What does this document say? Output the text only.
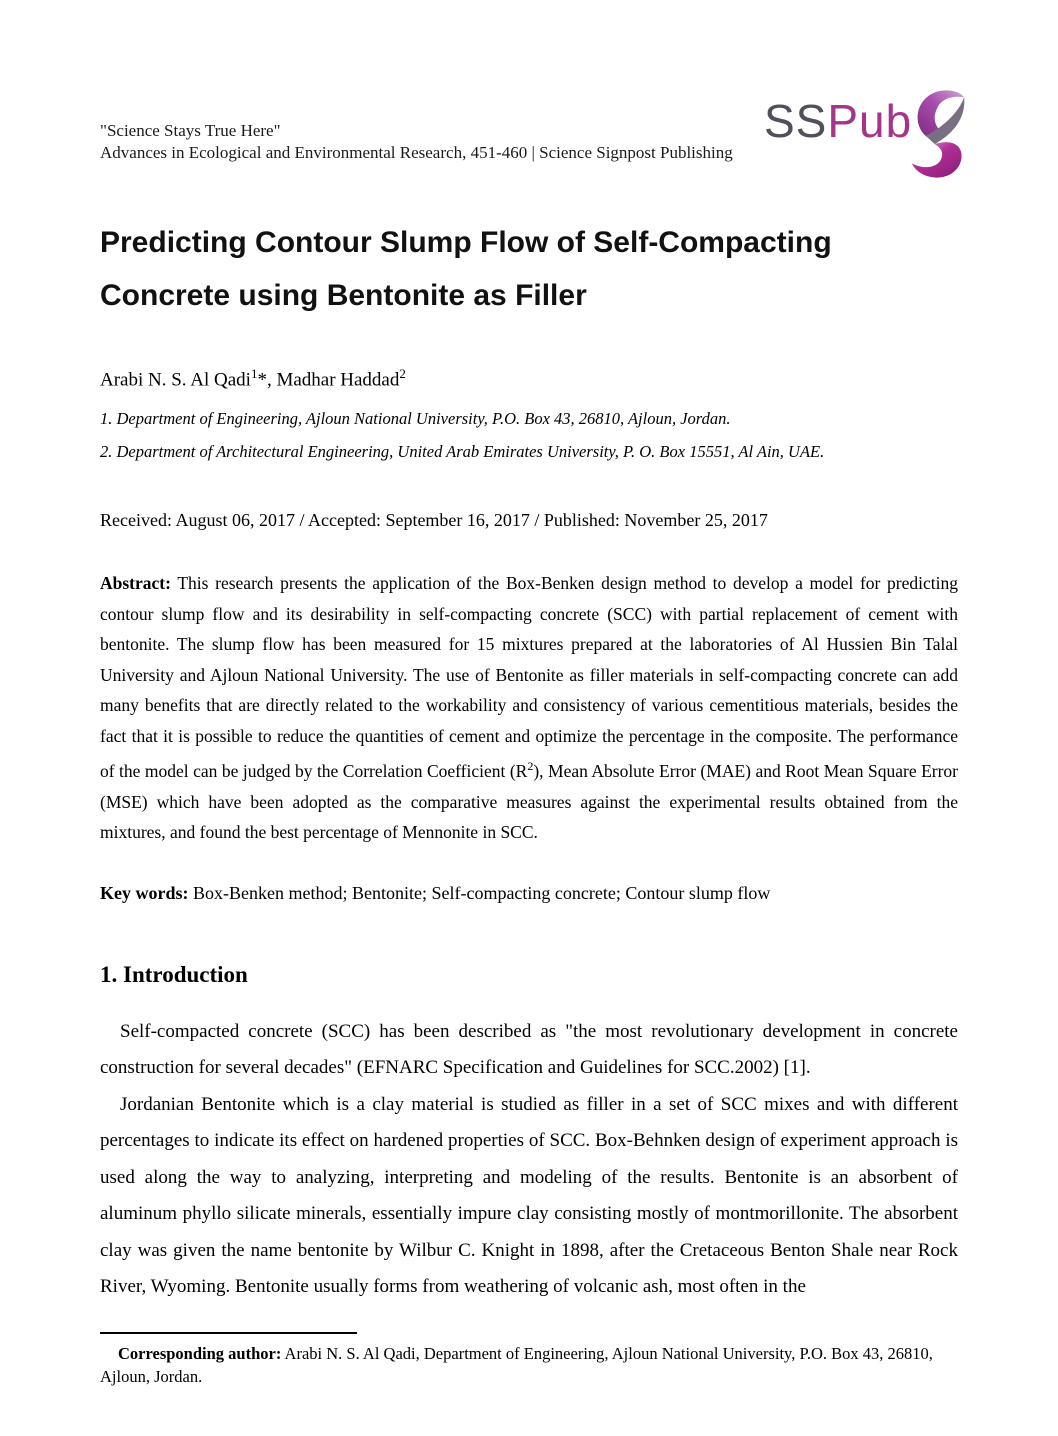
"Science Stays True Here"
Advances in Ecological and Environmental Research, 451-460 | Science Signpost Publishing
SSPub
Predicting Contour Slump Flow of Self-Compacting
Concrete using Bentonite as Filler
Arabi N. S. Al Qadi$^1$*, Madhar Haddad$^2$
1. Department of Engineering, Ajloun National University, P.O. Box 43, 26810, Ajloun, Jordan.
2. Department of Architectural Engineering, United Arab Emirates University, P. O. Box 15551, Al Ain, UAE.
Received: August 06, 2017 / Accepted: September 16, 2017 / Published: November 25, 2017

Abstract: This research presents the application of the Box-Benken design method to develop a model for predicting contour slump flow and its desirability in self-compacting concrete (SCC) with partial replacement of cement with bentonite. The slump flow has been measured for 15 mixtures prepared at the laboratories of Al Hussien Bin Talal University and Ajloun National University. The use of Bentonite as filler materials in self-compacting concrete can add many benefits that are directly related to the workability and consistency of various cementitious materials, besides the fact that it is possible to reduce the quantities of cement and optimize the percentage in the composite. The performance of the model can be judged by the Correlation Coefficient $(R^2)$, Mean Absolute Error (MAE) and Root Mean Square Error (MSE) which have been adopted as the comparative measures against the experimental results obtained from the mixtures, and found the best percentage of Mennonite in SCC.

Key words: Box-Benken method; Bentonite; Self-compacting concrete; Contour slump flow

1. Introduction

Self-compacted concrete (SCC) has been described as "the most revolutionary development in concrete construction for several decades" (EFNARC Specification and Guidelines for SCC.2002) [1].

Jordanian Bentonite which is a clay material is studied as filler in a set of SCC mixes and with different percentages to indicate its effect on hardened properties of SCC. Box-Behnken design of experiment approach is used along the way to analyzing, interpreting and modeling of the results. Bentonite is an absorbent of aluminum phyllo silicate minerals, essentially impure clay consisting mostly of montmorillonite. The absorbent clay was given the name bentonite by Wilbur C. Knight in 1898, after the Cretaceous Benton Shale near Rock River, Wyoming. Bentonite usually forms from weathering of volcanic ash, most often in the

Corresponding author: Arabi N. S. Al Qadi, Department of Engineering, Ajloun National University, P.O. Box 43, 26810, Ajloun, Jordan.
